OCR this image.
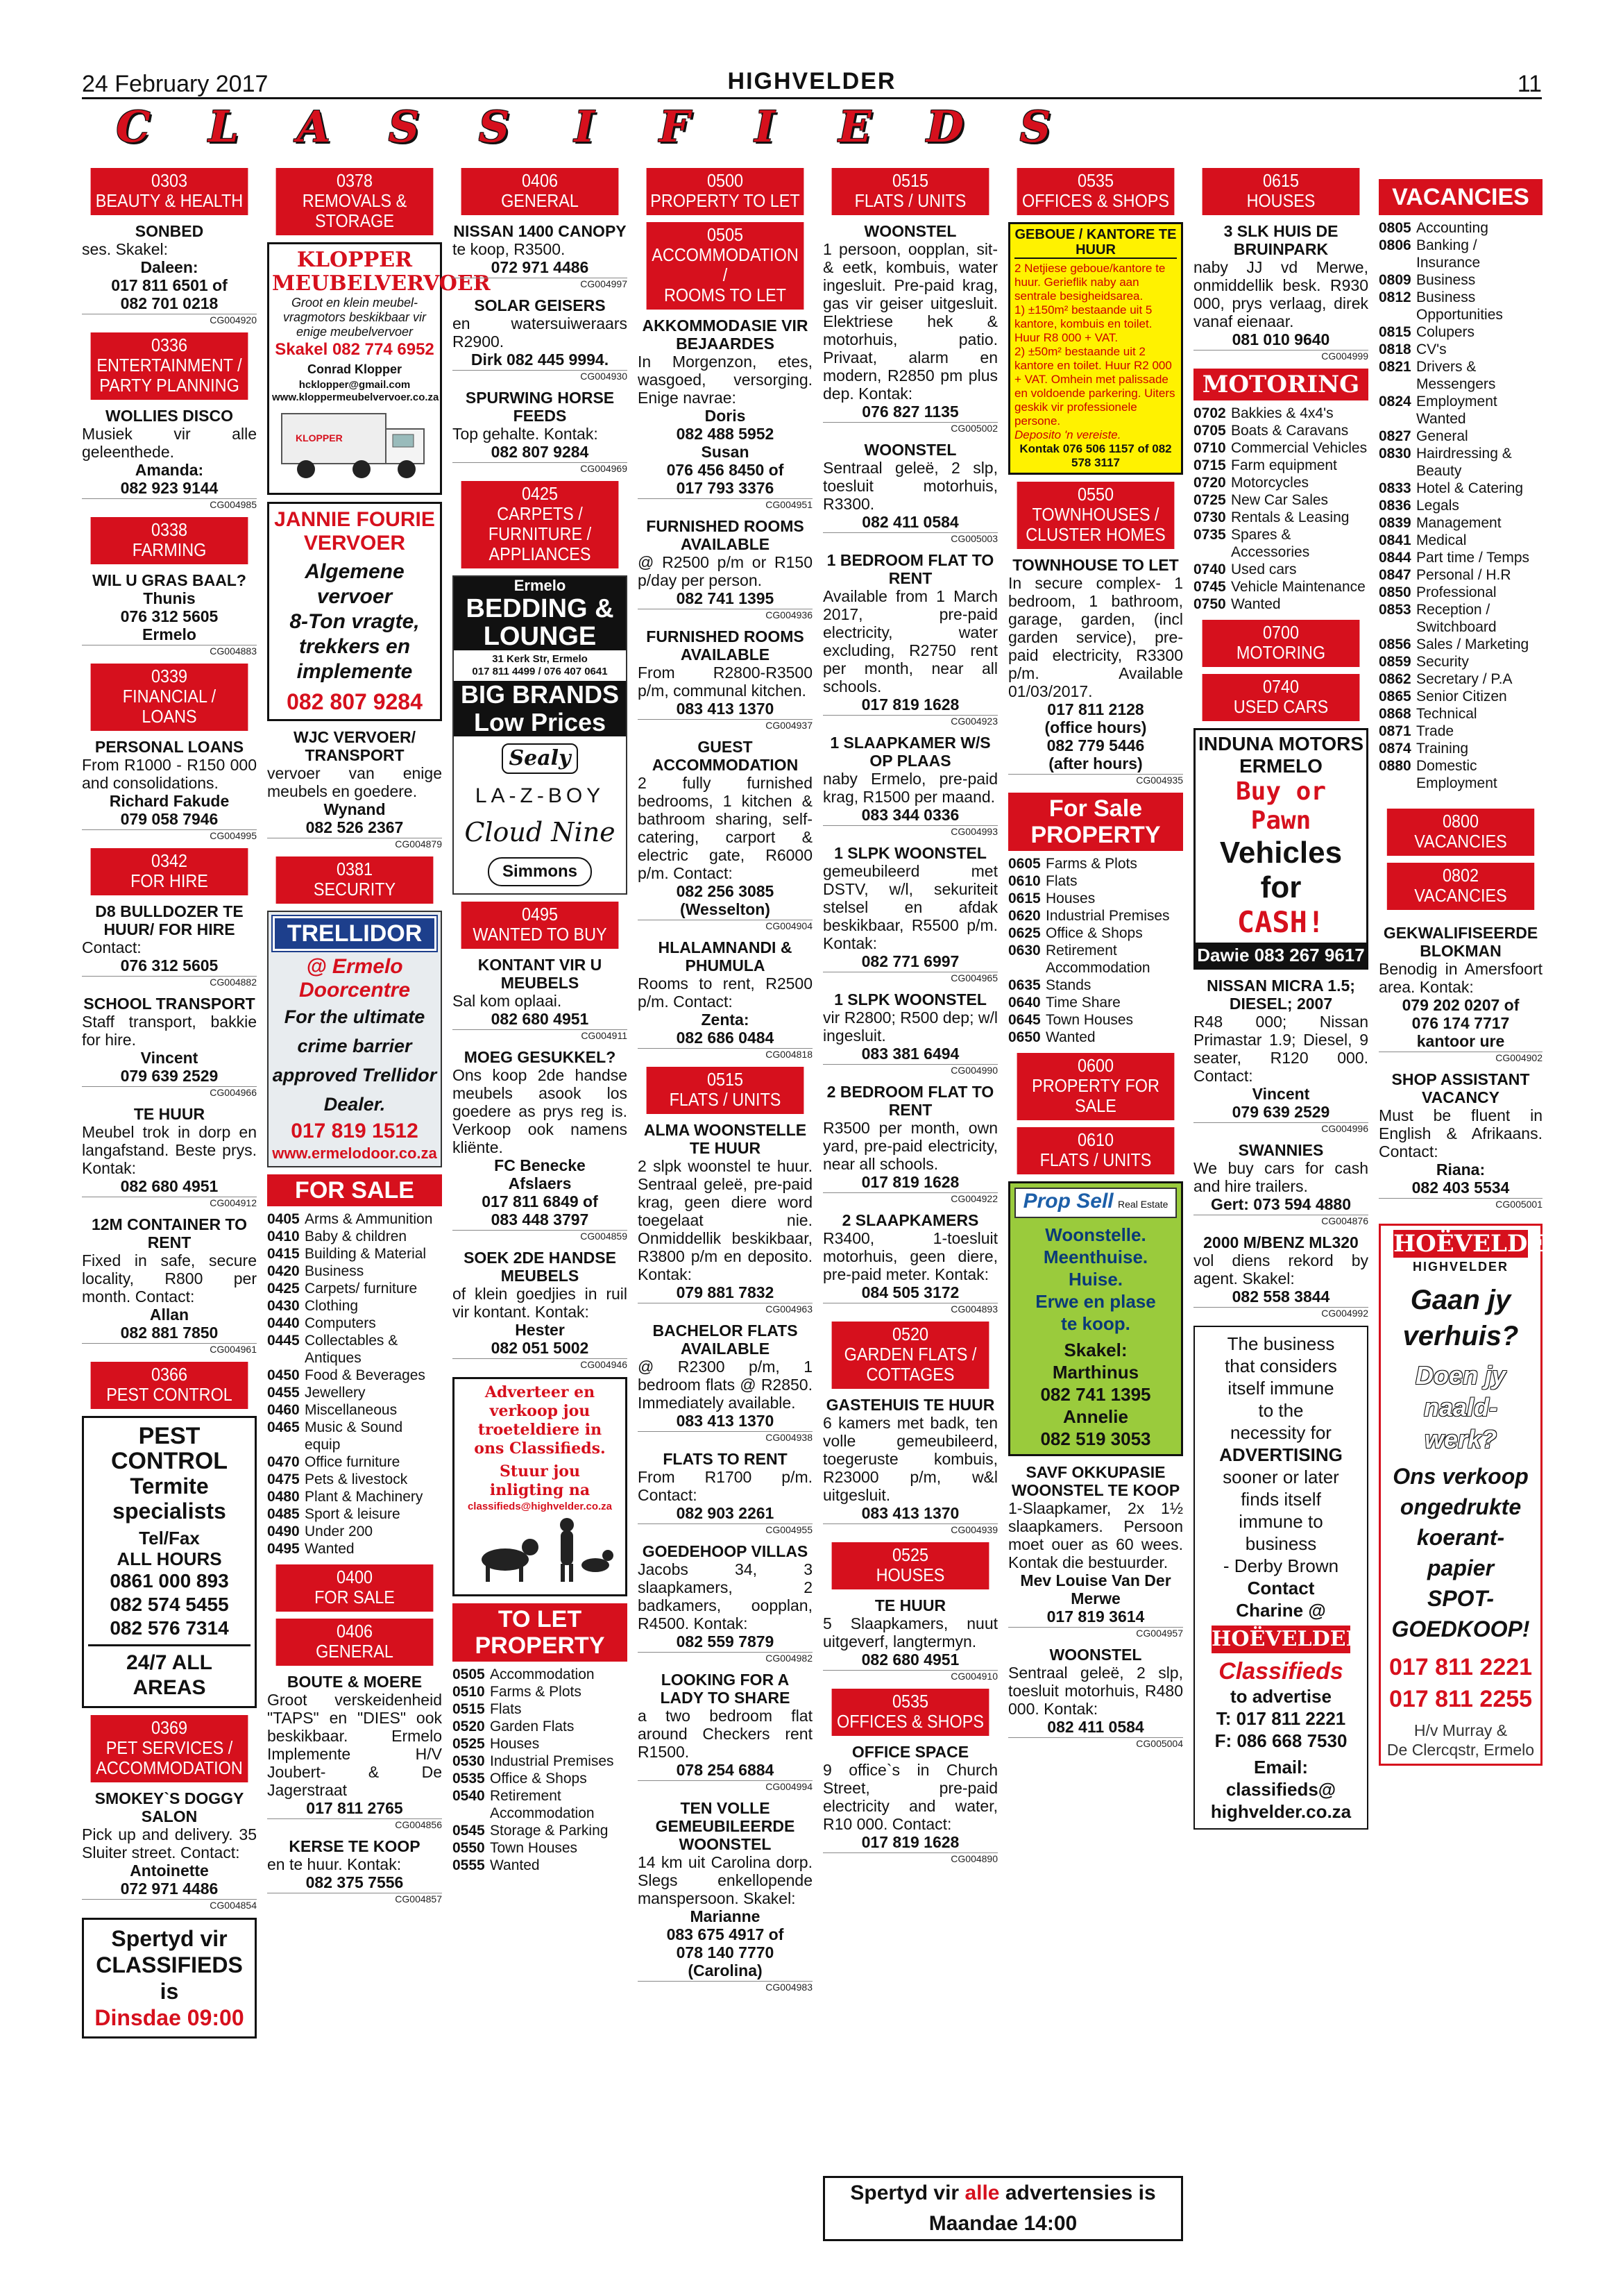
24 February 2017	HIGHVELDER	11
C	L	A	S	S	I	F	I	E	D	S
0303
BEAUTY & HEALTH
SONBED
ses. Skakel:
Daleen:
017 811 6501 of
082 701 0218
CG004920
0336
ENTERTAINMENT /
PARTY PLANNING
WOLLIES DISCO
Musiek vir alle geleenthede.
Amanda:
082 923 9144
CG004985
0338
FARMING
WIL U GRAS BAAL?
Thunis
076 312 5605
Ermelo
CG004883
0339
FINANCIAL / LOANS
PERSONAL LOANS
From R1000 - R150 000 and consolidations.
Richard Fakude
079 058 7946
CG004995
0342
FOR HIRE
D8 BULLDOZER TE HUUR/ FOR HIRE
Contact:
076 312 5605
CG004882
SCHOOL TRANSPORT
Staff transport, bakkie for hire.
Vincent
079 639 2529
CG004966
TE HUUR
Meubel trok in dorp en langafstand. Beste prys. Kontak:
082 680 4951
CG004912
12M CONTAINER TO RENT
Fixed in safe, secure locality, R800 per month. Contact:
Allan
082 881 7850
CG004961
0366
PEST CONTROL
PEST CONTROL
Termite specialists
Tel/Fax
ALL HOURS
0861 000 893
082 574 5455
082 576 7314
24/7 ALL AREAS
0369
PET SERVICES /
ACCOMMODATION
SMOKEY`S DOGGY SALON
Pick up and delivery. 35 Sluiter street. Contact:
Antoinette
072 971 4486
CG004854
Spertyd vir
CLASSIFIEDS is
Dinsdae 09:00
0378
REMOVALS &
STORAGE
KLOPPER
MEUBELVERVOER
Groot en klein meubel-
vragmotors beskikbaar vir
enige meubelvervoer
Skakel 082 774 6952
Conrad Klopper
hcklopper@gmail.com
www.kloppermeubelvervoer.co.za
KLOPPER
JANNIE FOURIE
VERVOER
Algemene
vervoer
8-Ton vragte,
trekkers en
implemente
082 807 9284
WJC VERVOER/ TRANSPORT
vervoer van enige meubels en goedere.
Wynand
082 526 2367
CG004879
0381
SECURITY
TRELLIDOR
@ Ermelo
Doorcentre
For the ultimate
crime barrier
approved Trellidor
Dealer.
017 819 1512
www.ermelodoor.co.za
FOR SALE
0405 Arms & Ammunition
0410 Baby & children
0415 Building & Material
0420 Business
0425 Carpets/ furniture
0430 Clothing
0440 Computers
0445 Collectables & Antiques
0450 Food & Beverages
0455 Jewellery
0460 Miscellaneous
0465 Music & Sound equip
0470 Office furniture
0475 Pets & livestock
0480 Plant & Machinery
0485 Sport & leisure
0490 Under 200
0495 Wanted
0400
FOR SALE
0406
GENERAL
BOUTE & MOERE
Groot verskeidenheid "TAPS" en "DIES" ook beskikbaar. Ermelo Implemente H/V Joubert- & De Jagerstraat
017 811 2765
CG004856
KERSE TE KOOP
en te huur. Kontak:
082 375 7556
CG004857
0406
GENERAL
NISSAN 1400 CANOPY
te koop, R3500.
072 971 4486
CG004997
SOLAR GEISERS
en watersuiweraars R2900.
Dirk 082 445 9994.
CG004930
SPURWING HORSE FEEDS
Top gehalte. Kontak:
082 807 9284
CG004969
0425
CARPETS /
FURNITURE /
APPLIANCES
Ermelo
BEDDING &
LOUNGE
31 Kerk Str, Ermelo
017 811 4499 / 076 407 0641
BIG BRANDS
Low Prices
Sealy
LA-Z-BOY
Cloud Nine
Simmons
0495
WANTED TO BUY
KONTANT VIR U MEUBELS
Sal kom oplaai.
082 680 4951
CG004911
MOEG GESUKKEL?
Ons koop 2de handse meubels asook los goedere as prys reg is. Verkoop ook namens kliënte.
FC Benecke
Afslaers
017 811 6849 of
083 448 3797
CG004859
SOEK 2DE HANDSE MEUBELS
of klein goedjies in ruil vir kontant. Kontak:
Hester
082 051 5002
CG004946
Adverteer en
verkoop jou
troeteldiere in
ons Classifieds.
Stuur jou
inligting na
classifieds@highvelder.co.za
TO LET
PROPERTY
0505 Accommodation
0510 Farms & Plots
0515 Flats
0520 Garden Flats
0525 Houses
0530 Industrial Premises
0535 Office & Shops
0540 Retirement Accommodation
0545 Storage & Parking
0550 Town Houses
0555 Wanted
0500
PROPERTY TO LET
0505
ACCOMMODATION /
ROOMS TO LET
AKKOMMODASIE VIR BEJAARDES
In Morgenzon, etes, wasgoed, versorging. Enige navrae:
Doris
082 488 5952
Susan
076 456 8450 of
017 793 3376
CG004951
FURNISHED ROOMS AVAILABLE
@ R2500 p/m or R150 p/day per person.
082 741 1395
CG004936
FURNISHED ROOMS AVAILABLE
From R2800-R3500 p/m, communal kitchen.
083 413 1370
CG004937
GUEST ACCOMMODATION
2 fully furnished bedrooms, 1 kitchen & bathroom sharing, self-catering, carport & electric gate, R6000 p/m. Contact:
082 256 3085
(Wesselton)
CG004904
HLALAMNANDI & PHUMULA
Rooms to rent, R2500 p/m. Contact:
Zenta:
082 686 0484
CG004818
0515
FLATS / UNITS
ALMA WOONSTELLE TE HUUR
2 slpk woonstel te huur. Sentraal geleë, pre-paid krag, geen diere word toegelaat nie. Onmiddellik beskikbaar, R3800 p/m en deposito. Kontak:
079 881 7832
CG004963
BACHELOR FLATS AVAILABLE
@ R2300 p/m, 1 bedroom flats @ R2850. Immediately available.
083 413 1370
CG004938
FLATS TO RENT
From R1700 p/m. Contact:
082 903 2261
CG004955
GOEDEHOOP VILLAS
Jacobs 34, 3 slaapkamers, 2 badkamers, oopplan, R4500. Kontak:
082 559 7879
CG004982
LOOKING FOR A LADY TO SHARE
a two bedroom flat around Checkers rent R1500.
078 254 6884
CG004994
TEN VOLLE GEMEUBILEERDE WOONSTEL
14 km uit Carolina dorp. Slegs enkellopende manspersoon. Skakel:
Marianne
083 675 4917 of
078 140 7770
(Carolina)
CG004983
0515
FLATS / UNITS
WOONSTEL
1 persoon, oopplan, sit- & eetk, kombuis, water ingesluit. Pre-paid krag, gas vir geiser uitgesluit. Elektriese hek & motorhuis, patio. Privaat, alarm en modern, R2850 pm plus dep. Kontak:
076 827 1135
CG005002
WOONSTEL
Sentraal geleë, 2 slp, toesluit motorhuis, R3300.
082 411 0584
CG005003
1 BEDROOM FLAT TO RENT
Available from 1 March 2017, pre-paid electricity, water excluding, R2750 rent per month, near all schools.
017 819 1628
CG004923
1 SLAAPKAMER W/S OP PLAAS
naby Ermelo, pre-paid krag, R1500 per maand.
083 344 0336
CG004993
1 SLPK WOONSTEL
gemeubileerd met DSTV, w/l, sekuriteit stelsel en afdak beskikbaar, R5500 p/m. Kontak:
082 771 6997
CG004965
1 SLPK WOONSTEL
vir R2800; R500 dep; w/l ingesluit.
083 381 6494
CG004990
2 BEDROOM FLAT TO RENT
R3500 per month, own yard, pre-paid electricity, near all schools.
017 819 1628
CG004922
2 SLAAPKAMERS
R3400, 1-toesluit motorhuis, geen diere, pre-paid meter. Kontak:
084 505 3172
CG004893
0520
GARDEN FLATS /
COTTAGES
GASTEHUIS TE HUUR
6 kamers met badk, ten volle gemeubileerd, toegeruste kombuis, R23000 p/m, w&l uitgesluit.
083 413 1370
CG004939
0525
HOUSES
TE HUUR
5 Slaapkamers, nuut uitgeverf, langtermyn.
082 680 4951
CG004910
0535
OFFICES & SHOPS
OFFICE SPACE
9 office`s in Church Street, pre-paid electricity and water, R10 000. Contact:
017 819 1628
CG004890
Spertyd vir alle advertensies is Maandae 14:00
0535
OFFICES & SHOPS
GEBOUE / KANTORE TE HUUR
2 Netjiese geboue/kantore te huur. Gerieflik naby aan sentrale besigheidsarea.
1) ±150m² bestaande uit 5 kantore, kombuis en toilet. Huur R8 000 + VAT.
2) ±50m² bestaande uit 2 kantore en toilet. Huur R2 000 + VAT. Omhein met palissade en voldoende parkering. Uiters geskik vir professionele persone.
Deposito 'n vereiste.
Kontak 076 506 1157 of 082 578 3117
0550
TOWNHOUSES /
CLUSTER HOMES
TOWNHOUSE TO LET
In secure complex- 1 bedroom, 1 bathroom, garage, garden, (incl garden service), pre-paid electricity, R3300 p/m. Available 01/03/2017.
017 811 2128
(office hours)
082 779 5446
(after hours)
CG004935
For Sale
PROPERTY
0605 Farms & Plots
0610 Flats
0615 Houses
0620 Industrial Premises
0625 Office & Shops
0630 Retirement Accommodation
0635 Stands
0640 Time Share
0645 Town Houses
0650 Wanted
0600
PROPERTY FOR
SALE
0610
FLATS / UNITS
Prop Sell Real Estate
Woonstelle.
Meenthuise.
Huise.
Erwe en plase
te koop.
Skakel:
Marthinus
082 741 1395
Annelie
082 519 3053
SAVF OKKUPASIE WOONSTEL TE KOOP
1-Slaapkamer, 2x 1½ slaapkamers. Persoon moet ouer as 60 wees. Kontak die bestuurder.
Mev Louise Van Der Merwe
017 819 3614
CG004957
WOONSTEL
Sentraal geleë, 2 slp, toesluit motorhuis, R480 000. Kontak:
082 411 0584
CG005004
0615
HOUSES
3 SLK HUIS DE BRUINPARK
naby JJ vd Merwe, onmiddellik besk. R930 000, prys verlaag, direk vanaf eienaar.
081 010 9640
CG004999
MOTORING
0702 Bakkies & 4x4's
0705 Boats & Caravans
0710 Commercial Vehicles
0715 Farm equipment
0720 Motorcycles
0725 New Car Sales
0730 Rentals & Leasing
0735 Spares & Accessories
0740 Used cars
0745 Vehicle Maintenance
0750 Wanted
0700
MOTORING
0740
USED CARS
INDUNA MOTORS
ERMELO
Buy or
Pawn
Vehicles
for
CASH!
Dawie 083 267 9617
NISSAN MICRA 1.5; DIESEL; 2007
R48 000; Nissan Primastar 1.9; Diesel, 9 seater, R120 000. Contact:
Vincent
079 639 2529
CG004996
SWANNIES
We buy cars for cash and hire trailers.
Gert: 073 594 4880
CG004876
2000 M/BENZ ML320
vol diens rekord by agent. Skakel:
082 558 3844
CG004992
The business
that considers
itself immune
to the
necessity for
ADVERTISING
sooner or later
finds itself
immune to
business
- Derby Brown
Contact
Charine @
HOËVELDER
Classifieds
to advertise
T: 017 811 2221
F: 086 668 7530
Email:
classifieds@
highvelder.co.za
VACANCIES
0805 Accounting
0806 Banking / Insurance
0809 Business
0812 Business Opportunities
0815 Colupers
0818 CV's
0821 Drivers & Messengers
0824 Employment Wanted
0827 General
0830 Hairdressing & Beauty
0833 Hotel & Catering
0836 Legals
0839 Management
0841 Medical
0844 Part time / Temps
0847 Personal / H.R
0850 Professional
0853 Reception / Switchboard
0856 Sales / Marketing
0859 Security
0862 Secretary / P.A
0865 Senior Citizen
0868 Technical
0871 Trade
0874 Training
0880 Domestic Employment
0800
VACANCIES
0802
VACANCIES
GEKWALIFISEERDE BLOKMAN
Benodig in Amersfoort area. Kontak:
079 202 0207 of
076 174 7717
kantoor ure
CG004902
SHOP ASSISTANT VACANCY
Must be fluent in English & Afrikaans. Contact:
Riana:
082 403 5534
CG005001
HOËVELDER
HIGHVELDER
Gaan jy
verhuis?
Doen jy
naald-
werk?
Ons verkoop
ongedrukte
koerant-
papier
SPOT-
GOEDKOOP!
017 811 2221
017 811 2255
H/v Murray &
De Clercqstr, Ermelo
